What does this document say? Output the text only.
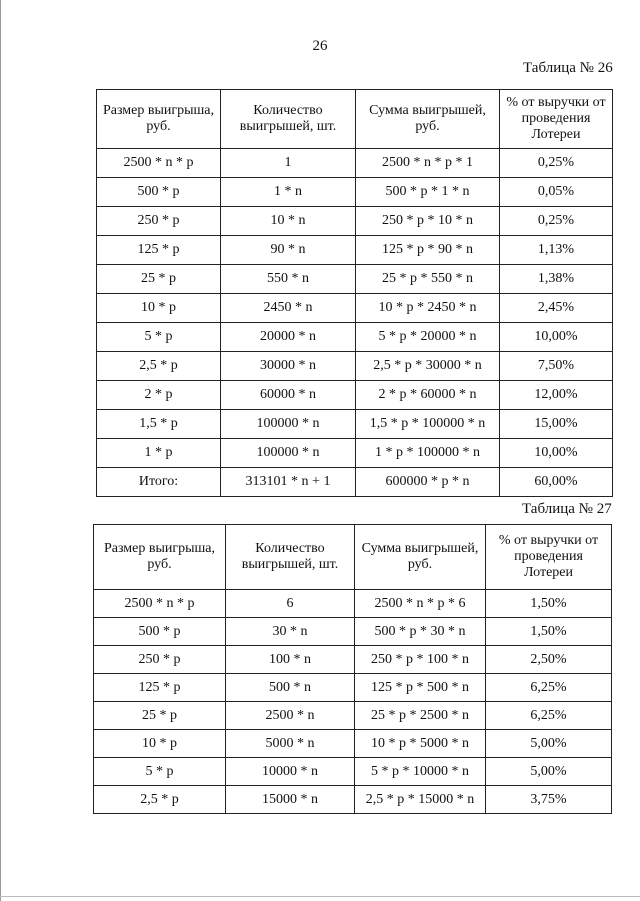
26
Таблица № 26
Размер выигрыша, руб.	Количество выигрышей, шт.	Сумма выигрышей, руб.	% от выручки от проведения Лотереи
2500 * n * p	1	2500 * n * p * 1	0,25%
500 * p	1 * n	500 * p * 1 * n	0,05%
250 * p	10 * n	250 * p * 10 * n	0,25%
125 * p	90 * n	125 * p * 90 * n	1,13%
25 * p	550 * n	25 * p * 550 * n	1,38%
10 * p	2450 * n	10 * p * 2450 * n	2,45%
5 * p	20000 * n	5 * p * 20000 * n	10,00%
2,5 * p	30000 * n	2,5 * p * 30000 * n	7,50%
2 * p	60000 * n	2 * p * 60000 * n	12,00%
1,5 * p	100000 * n	1,5 * p * 100000 * n	15,00%
1 * p	100000 * n	1 * p * 100000 * n	10,00%
Итого:	313101 * n + 1	600000 * p * n	60,00%
Таблица № 27
Размер выигрыша, руб.	Количество выигрышей, шт.	Сумма выигрышей, руб.	% от выручки от проведения Лотереи
2500 * n * p	6	2500 * n * p * 6	1,50%
500 * p	30 * n	500 * p * 30 * n	1,50%
250 * p	100 * n	250 * p * 100 * n	2,50%
125 * p	500 * n	125 * p * 500 * n	6,25%
25 * p	2500 * n	25 * p * 2500 * n	6,25%
10 * p	5000 * n	10 * p * 5000 * n	5,00%
5 * p	10000 * n	5 * p * 10000 * n	5,00%
2,5 * p	15000 * n	2,5 * p * 15000 * n	3,75%
